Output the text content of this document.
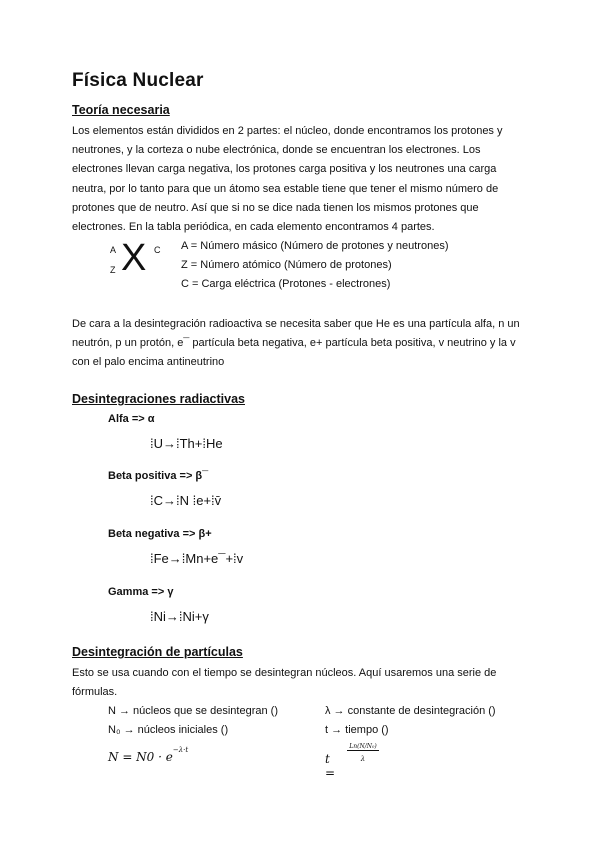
Física Nuclear
Teoría necesaria
Los elementos están divididos en 2 partes: el núcleo, donde encontramos los protones y neutrones, y la corteza o nube electrónica, donde se encuentran los electrones. Los electrones llevan carga negativa, los protones carga positiva y los neutrones una carga neutra, por lo tanto para que un átomo sea estable tiene que tener el mismo número de protones que de neutro. Así que si no se dice nada tienen los mismos protones que electrones. En la tabla periódica, en cada elemento encontramos 4 partes.
A
Z X C A = Número másico (Número de protones y neutrones)
Z = Número atómico (Número de protones)
C = Carga eléctrica (Protones - electrones)
De cara a la desintegración radioactiva se necesita saber que He es una partícula alfa, n un neutrón, p un protón, e¯ partícula beta negativa, e+ partícula beta positiva, v neutrino y la v con el palo encima antineutrino
Desintegraciones radiactivas
Alfa => α
⁞U→⁞Th+⁞He
Beta positiva => β¯
⁞C→⁞N ⁞e+⁞v̄
Beta negativa => β+
⁞Fe→⁞Mn+e¯+⁞v
Gamma => γ
⁞Ni→⁞Ni+γ
Desintegración de partículas
Esto se usa cuando con el tiempo se desintegran núcleos. Aquí usaremos una serie de fórmulas.
N → núcleos que se desintegran ()
N₀ → núcleos iniciales ()
λ → constante de desintegración ()
t → tiempo ()
$N = N0 \cdot e^{-\lambda\cdot t}$
t =
Ln(N/N₀)
λ
